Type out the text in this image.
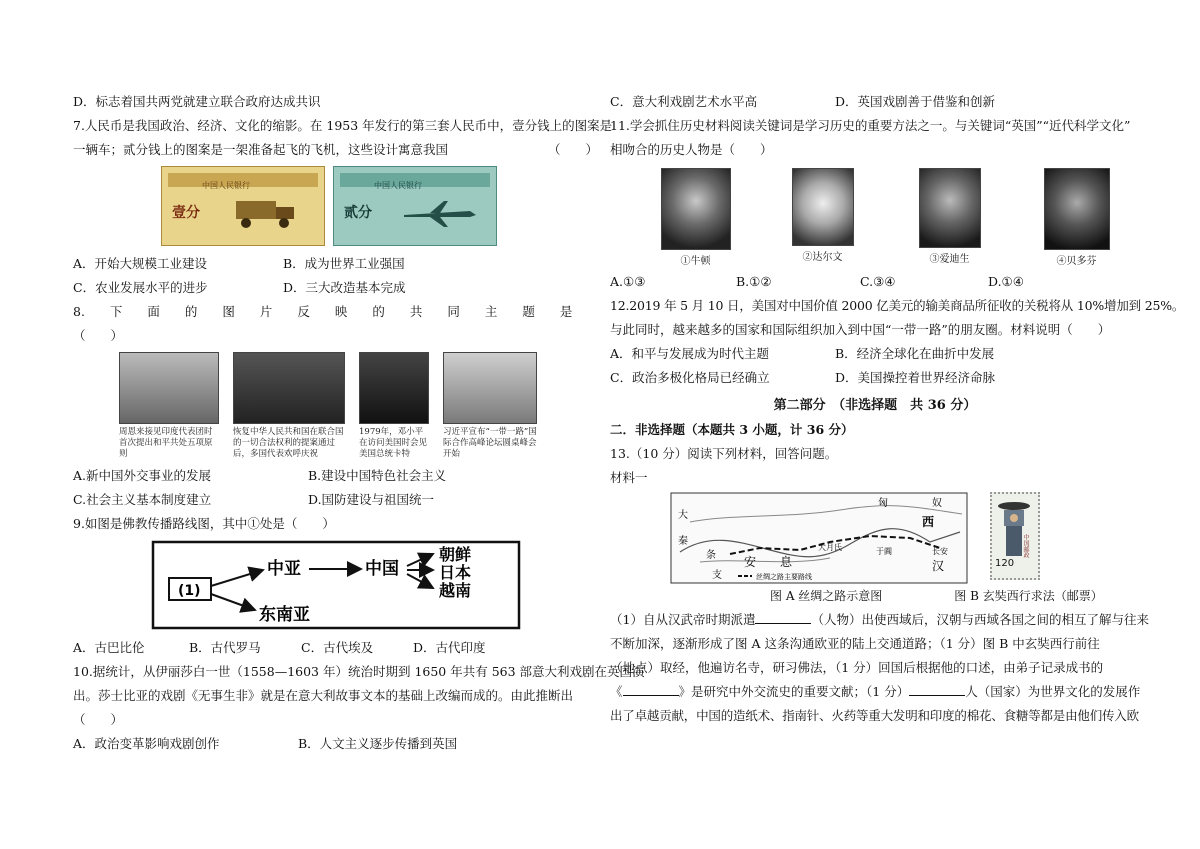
D．标志着国共两党就建立联合政府达成共识
7.人民币是我国政治、经济、文化的缩影。在 1953 年发行的第三套人民币中，壹分钱上的图案是
一辆车；贰分钱上的图案是一架准备起飞的飞机，这些设计寓意我国	（　　）
中国人民银行
壹分
中国人民银行
贰分
A．开始大规模工业建设	B．成为世界工业强国
C．农业发展水平的进步	D．三大改造基本完成
8.　　下　　面　　的　　图　　片　　反　　映　　的　　共　　同　　主　　题　　是
（　　）
周恩来接见印度代表团时首次提出和平共处五项原则
恢复中华人民共和国在联合国的一切合法权利的提案通过后，多国代表欢呼庆祝
1979年，邓小平在访问美国时会见美国总统卡特
习近平宣布“一带一路”国际合作高峰论坛圆桌峰会开始
A.新中国外交事业的发展	B.建设中国特色社会主义
C.社会主义基本制度建立	D.国防建设与祖国统一
9.如图是佛教传播路线图，其中①处是（　　）
(1)
中亚	中国
朝鲜
日本
越南
东南亚
A．古巴比伦	B．古代罗马	C．古代埃及	D．古代印度
10.据统计，从伊丽莎白一世（1558—1603 年）统治时期到 1650 年共有 563 部意大利戏剧在英国演
出。莎士比亚的戏剧《无事生非》就是在意大利故事文本的基础上改编而成的。由此推断出
（　　）
A．政治变革影响戏剧创作	B．人文主义逐步传播到英国
C．意大利戏剧艺术水平高	D．英国戏剧善于借鉴和创新
11.学会抓住历史材料阅读关键词是学习历史的重要方法之一。与关键词“英国”“近代科学文化”
相吻合的历史人物是（　　）
①牛顿	②达尔文	③爱迪生	④贝多芬
A.①③	B.①②	C.③④	D.①④
12.2019 年 5 月 10 日，美国对中国价值 2000 亿美元的输美商品所征收的关税将从 10%增加到 25%。
与此同时，越来越多的国家和国际组织加入到中国“一带一路”的朋友圈。材料说明（　　）
A．和平与发展成为时代主题	B．经济全球化在曲折中发展
C．政治多极化格局已经确立	D．美国操控着世界经济命脉
第二部分　（非选择题　共 36 分）
二．非选择题（本题共 3 小题，计 36 分）
13.（10 分）阅读下列材料，回答问题。
材料一
匈	奴
西
大
秦
安 息
大月氏	于阗	长安
汉
支
条
丝绸之路主要路线
120
中国邮政
图 A 丝绸之路示意图　　　　　　图 B 玄奘西行求法（邮票）
（1）自从汉武帝时期派遣	（人物）出使西域后，汉朝与西域各国之间的相互了解与往来
不断加深，逐渐形成了图 A 这条沟通欧亚的陆上交通道路；（1 分）图 B 中玄奘西行前往
（地点）取经，他遍访名寺，研习佛法，（1 分）回国后根据他的口述，由弟子记录成书的
《	》是研究中外交流史的重要文献；（1 分）	人（国家）为世界文化的发展作
出了卓越贡献，中国的造纸术、指南针、火药等重大发明和印度的棉花、食糖等都是由他们传入欧
